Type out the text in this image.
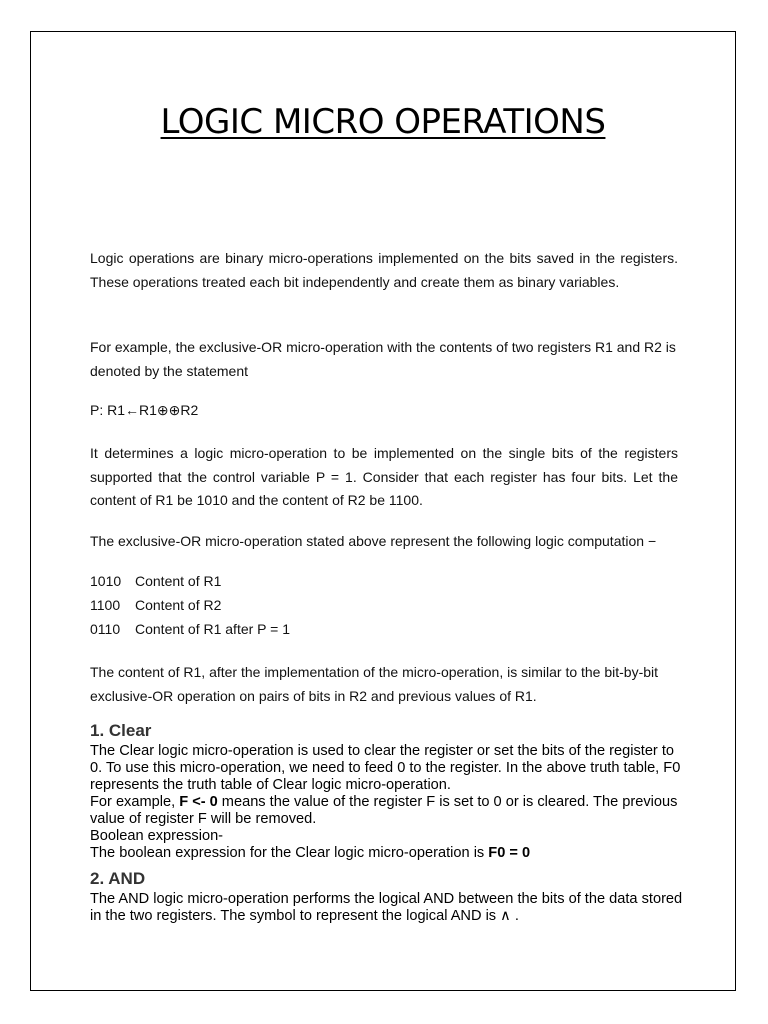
LOGIC MICRO OPERATIONS

Logic operations are binary micro-operations implemented on the bits saved in the registers. These operations treated each bit independently and create them as binary variables.

For example, the exclusive-OR micro-operation with the contents of two registers R1 and R2 is denoted by the statement

P: R1←R1⊕⊕R2

It determines a logic micro-operation to be implemented on the single bits of the registers supported that the control variable P = 1. Consider that each register has four bits. Let the content of R1 be 1010 and the content of R2 be 1100.

The exclusive-OR micro-operation stated above represent the following logic computation −

1010 Content of R1
1100 Content of R2
0110 Content of R1 after P = 1

The content of R1, after the implementation of the micro-operation, is similar to the bit-by-bit exclusive-OR operation on pairs of bits in R2 and previous values of R1.

1. Clear
The Clear logic micro-operation is used to clear the register or set the bits of the register to 0. To use this micro-operation, we need to feed 0 to the register. In the above truth table, F0 represents the truth table of Clear logic micro-operation.
For example, F <- 0 means the value of the register F is set to 0 or is cleared. The previous value of register F will be removed.
Boolean expression-
The boolean expression for the Clear logic micro-operation is F0 = 0
2. AND
The AND logic micro-operation performs the logical AND between the bits of the data stored in the two registers. The symbol to represent the logical AND is ∧ .
